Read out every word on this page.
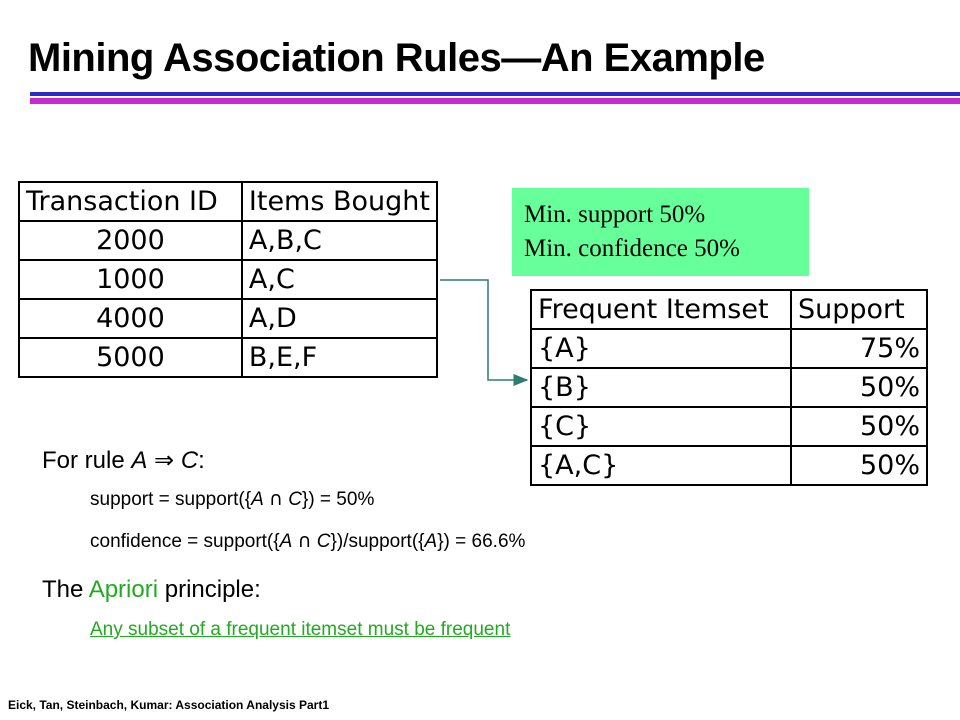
Mining Association Rules—An Example
Transaction ID	Items Bought
2000	A,B,C
1000	A,C
4000	A,D
5000	B,E,F
Min. support 50%
Min. confidence 50%
Frequent Itemset	Support
{A}	75%
{B}	50%
{C}	50%
{A,C}	50%
For rule A ⇒ C:
support = support({A ∩ C}) = 50%
confidence = support({A ∩ C})/support({A}) = 66.6%
The Apriori principle:
Any subset of a frequent itemset must be frequent
Eick, Tan, Steinbach, Kumar: Association Analysis Part1
